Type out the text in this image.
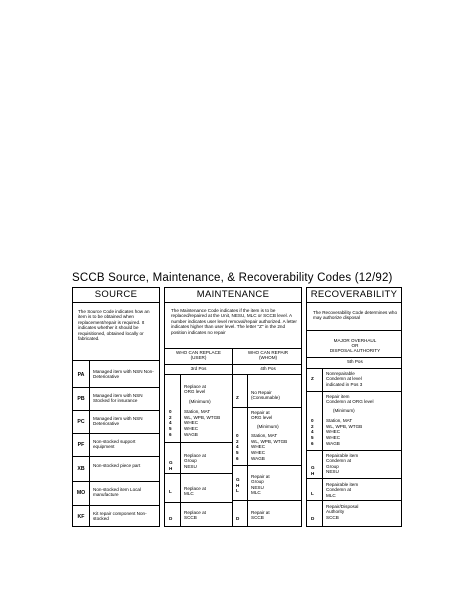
SCCB Source, Maintenance, & Recoverability Codes (12/92)
SOURCE
The Source Code indicates how an item is to be obtained when replacement/repair is required. It indicates whether it should be requisitioned, obtained locally or fabricated.
PA
Managed item with NSN Non-Deteriorative
PB
Managed item with NSN Stocked for insurance
PC
Managed item with NSN Deteriorative
PF
Non-stocked support equipment
XB
Non-stocked piece part
MO
Non-stocked item Local manufacture
KF
Kit repair component Non-stocked
MAINTENANCE
The Maintenance Code indicates if the item is to be replaced/repaired at the Unit, NESU, MLC or SCCB level. A number indicates user level removal/repair authorized. A letter indicates higher than user level. The letter "Z" in the 2nd position indicates no repair
WHO CAN REPLACE
(USER)
WHO CAN REPAIR
(WHOM)
3rd Pos	4th Pos
Replace at
ORG level
(Minimum)
0
2
4
5
6
Station, MAT
WL, WPB, WTGB
WHEC
WHEC
WAGB
G
H
Replace at
Group
NESU
L
Replace at
MLC
D
Replace at
SCCB
Z
No Repair
(Consumable)
Repair at
ORG level
(Minimum)
0
2
4
5
6
Station, MAT
WL, WPB, WTGB
WHEC
WHEC
WAGB
G
H
L
Repair at
Group
NESU
MLC
D
Repair at
SCCB
RECOVERABILITY
The Recoverability Code determines who may authorize disposal
MAJOR OVERHAUL
OR
DISPOSAL AUTHORITY
5th Pos
Z
Nonrepairable
Condemn at level
indicated in Pos 3
Repair item
Condemn at ORG level
(Minimum)
0
2
4
5
6
Station, MAT
WL, WPB, WTGB
WHEC
WHEC
WAGB
G
H
Repairable item
Condemn at
Group
NESU
L
Repairable item
Condemn at
MLC
D
Repair/Disposal
Authority
SCCB
